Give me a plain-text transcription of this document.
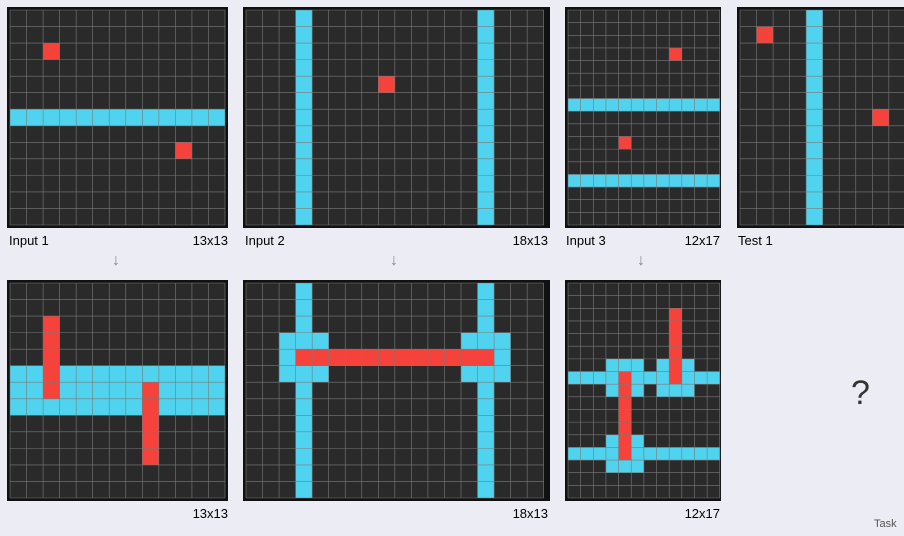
Input 1	13x13 Input 2	18x13 Input 3	12x17 Test 1
↓	↓	↓
13x13	18x13	12x17
?
Task
